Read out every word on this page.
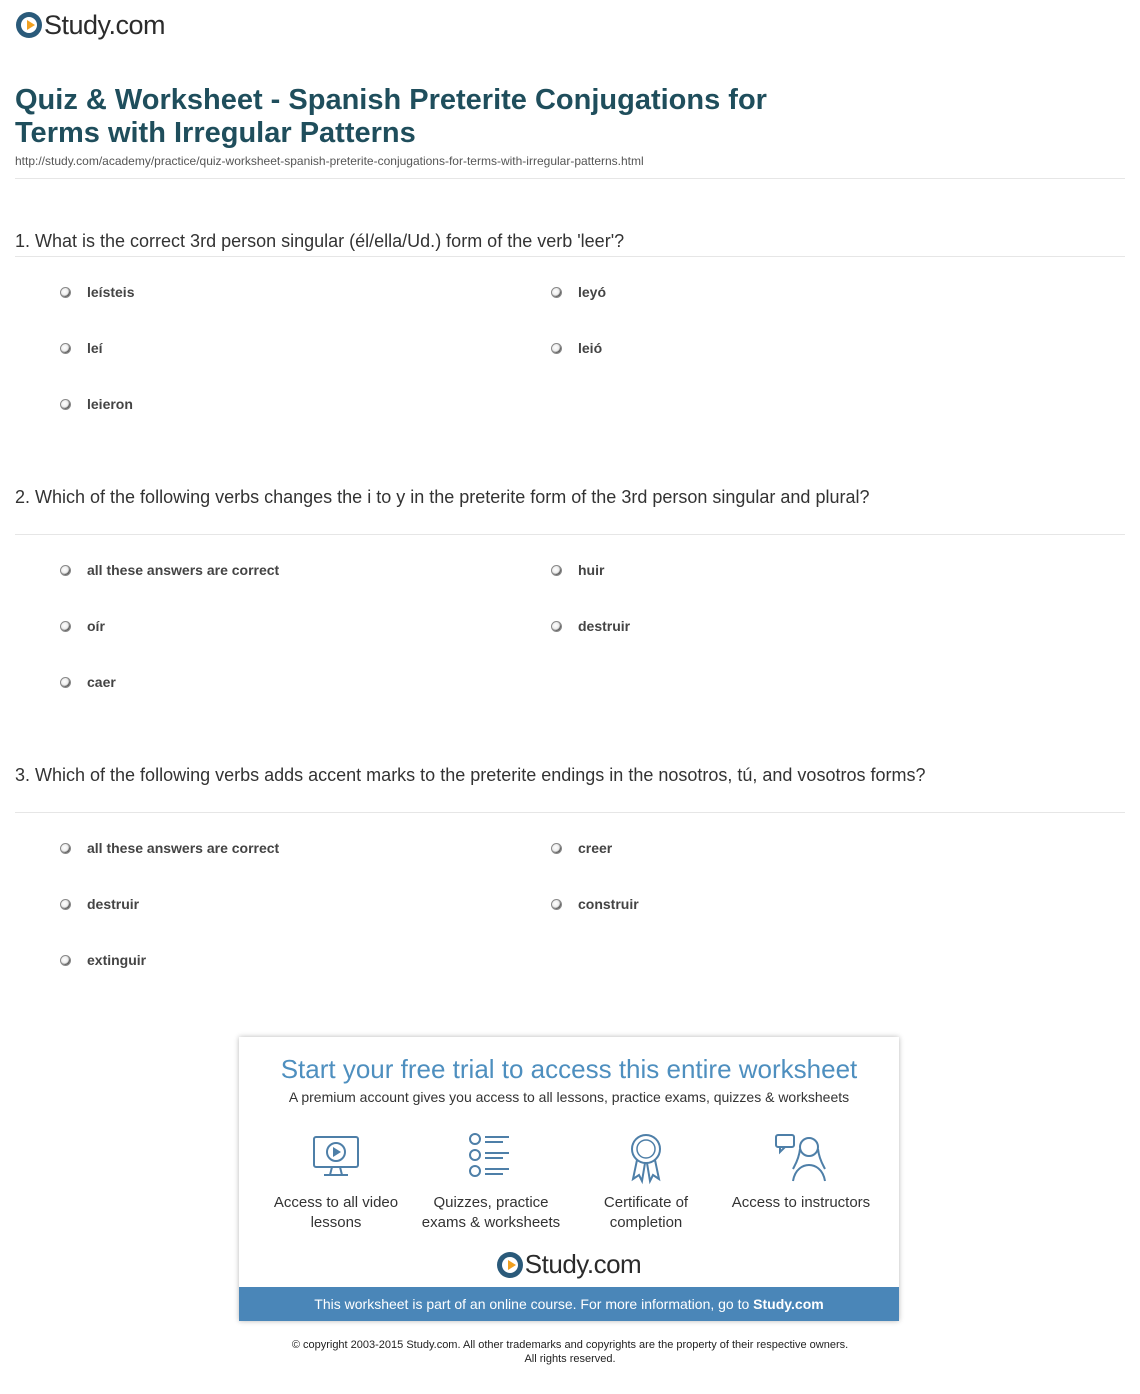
Study.com
Quiz & Worksheet - Spanish Preterite Conjugations for Terms with Irregular Patterns
http://study.com/academy/practice/quiz-worksheet-spanish-preterite-conjugations-for-terms-with-irregular-patterns.html
1. What is the correct 3rd person singular (él/ella/Ud.) form of the verb 'leer'?
leísteis	leyó
leí	leió
leieron
2. Which of the following verbs changes the i to y in the preterite form of the 3rd person singular and plural?
all these answers are correct	huir
oír	destruir
caer
3. Which of the following verbs adds accent marks to the preterite endings in the nosotros, tú, and vosotros forms?
all these answers are correct	creer
destruir	construir
extinguir
Start your free trial to access this entire worksheet
A premium account gives you access to all lessons, practice exams, quizzes & worksheets
Access to all video lessons
Quizzes, practice exams & worksheets
Certificate of completion
Access to instructors
Study.com
This worksheet is part of an online course. For more information, go to Study.com
© copyright 2003-2015 Study.com. All other trademarks and copyrights are the property of their respective owners.
All rights reserved.
